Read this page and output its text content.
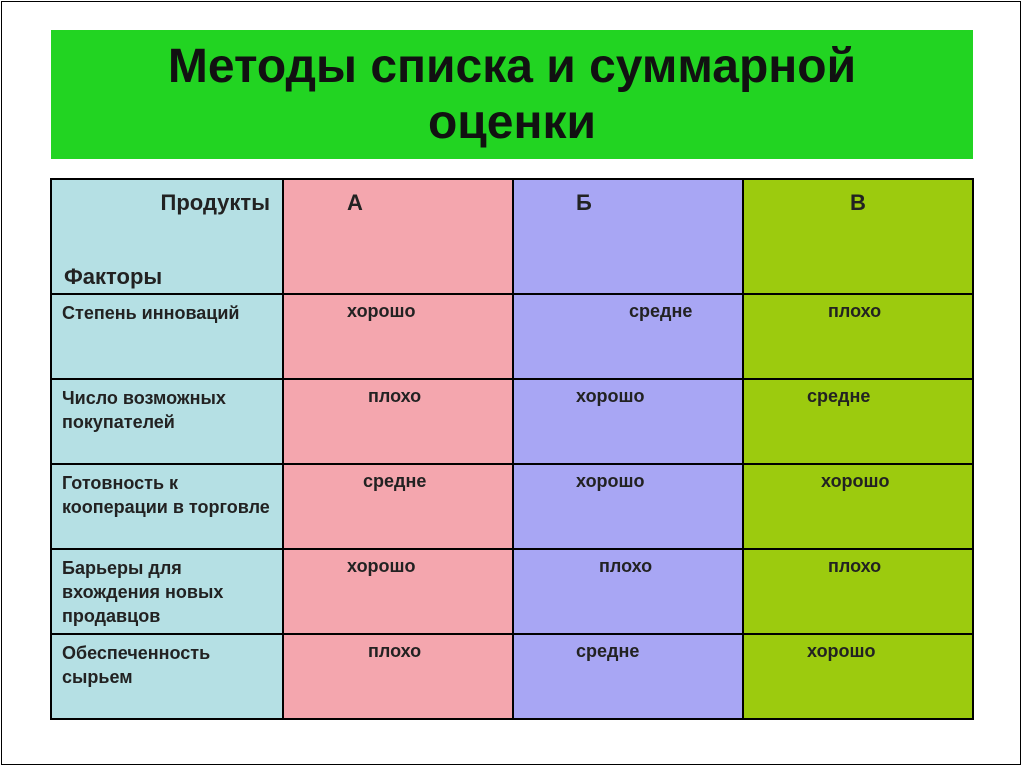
Методы списка и суммарной
оценки
Продукты
Факторы	А	Б	В

Степень инноваций	хорошо	средне	плохо

Число возможных покупателей	плохо	хорошо	средне

Готовность к кооперации в торговле	средне	хорошо	хорошо

Барьеры для вхождения новых продавцов	хорошо	плохо	плохо

Обеспеченность сырьем	плохо	средне	хорошо
